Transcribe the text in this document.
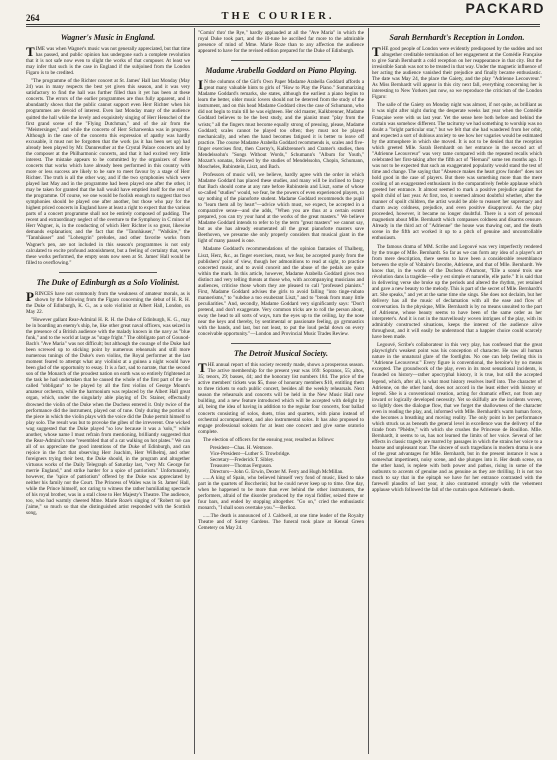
PACKARD
264	THE COURIER.
Wagner's Music in England.

TIME was when Wagner's music was not generally appreciated, but that time has passed, and public opinion has undergone such a complete revolution that it is not safe now even to slight the works of that composer. At least we may infer that such is the case in England if the subjoined from the London Figaro is to be credited.

"The programme of the Richter concert at St. James' Hall last Monday (May 24) was in many respects the best yet given this season, and it was very satisfactory to find the hall was further filled than it yet has been at these concerts. The errors of the earlier programmes are thus fully apparent, and it abundantly shows that the public cannot support even Herr Richter when his programmes are devoid of interest. Even last Monday many of the audience quitted the hall while the lovely and exquisitely singing of Herr Henschel of the first grand scene of the "Flying Dutchman," and of the air from the "Meistersinger," and while the concerto of Herr Scharwenka was in progress. Although in the case of the concerto this expression of apathy was hardly excusable, it must not be forgotten that the work (as it has been set up) had already been played by Mr. Dannreuther at the Crystal Palace concerts and by the composer at the Philharmonic concerts, and that it had excited very little interest. The mistake appears to be committed by the organizers of these concerts that works which have already been performed in this country with more or less success are likely to be sure to meet favour by a stage of Herr Richter. The truth is all the other way, and if the two symphonies which were played last May and in the programme had been played one after the other, it may be taken for granted that the hall would have emptied itself for the rest of the programme. Of course, we one would be foolish enough to suggest that two symphonies should be played one after another, but those who pay for the highest priced concerts in England have at least a right to expect that the various parts of a concert programme shall not be entirely composed of padding. The recent and extraordinary neglect of the overture to the Symphony in C minor of Herr Wagner, is, in the conducting of which Herr Richter is so great, likewise demands explanation; and the fact that the "Tannhäuser," "Walküre," the "Tannhäuser" and "Lohengrin" preludes, and other favorite works from Wagner's pen, are not included in this season's programmes is not only calculated to excite profound astonishment, but a feeling of certainty that, were these works performed, the empty seats now seen at St. James' Hall would be filled to overflowing."

The Duke of Edinburgh as a Solo Violinist.

PRINCES have not commonly from the weakness of amateur morals, as is shown by the following from the Figaro concerning the debut of H. R. H. the Duke of Edinburgh, K. G., as a solo violinist at Albert Hall, London, on May 22.

"However gallant Rear-Admiral H. R. H. the Duke of Edinburgh, K. G., may be in boarding an enemy's ship, he, like other great naval officers, was seized in the presence of a British audience with the malady known in the navy as "blue funk," and to the world at large as "stage fright." The obbligato part of Gounod-Bach's "Ave Maria" was not difficult; but although the courage of the Duke had been screwed up to sticking point by numerous rehearsals and still more numerous tunings of the Duke's own violins, the Royal performer at the last moment feared to attempt what any violinist at a guinea a night would have been glad of the opportunity to essay. It is a fact, sad to narrate, that the second son of the Monarch of the proudest nation on earth was so entirely frightened at the task he had undertaken that he caused the whole of the first part of the so-called "obbligato" to be played by all the first violins of George Mount's amateur orchestra, while the harmonium was replaced by the Albert Hall great organ, which, under the singularly able playing of Dr. Stainer, effectually drowned the violin of the Duke when the Duchess entered it. Only twice of the performance did the instrument, played out of tune. Only during the portion of the piece in which the violin plays with the voice did the Duke permit himself to play solo. The result was but to provoke the gibes of the irreverent. One wicked wag suggested that the Duke played "so low because it was a 'solo,'" while another, whose name I must refrain from mentioning, brilliantly suggested that the Rear-Admiral's tone "resembled that of a cat walking on hot plates." We can all of us appreciate the good intentions of the Duke of Edinburgh, and can rejoice in the fact that observing Herr Joachim, Herr Wilhelmj, and other foreigners trying their best, the Duke should, in the program and altogether virtuous works of the Daily Telegraph of Saturday last, "very Mr. George for merrie England," and strike harder for a spice of patriotism." Unfortunately, however, the "spice of patriotism" offered by the Duke was appreciated by neither his family nor the Court. The Princess of Wales was in St. James' Hall, while the Prince himself, not caring to witness the rather humiliating spectacle of his royal brother, was in a stall close to Her Majesty's Theatre. The audience, too, who had warmly cheered Mme. Marie Roze's singing of "Robert toi que j'aime," so much so that she distinguished artist responded with the Scottish song,

"Comin' thro' the Rye," hardly applauded at all the "Ave Maria" in which the royal Duke took part, and the ill-tune he ascribed far more to the admirable presence of mind of Mme. Marie Roze than to any affection the audience appeared to have for the revised edition prepared for the Duke of Edinburgh.

Madame Arabella Goddard on Piano Playing.

I N the columns of the Girl's Own Paper Madame Arabella Goddard affords a great many valuable hints to girls of "How to Play the Piano." Summarizing Madame Goddard's remarks, she states, although the earliest a piano begins to learn the better, older music lovers should not be deterred from the study of the instrument, and on this head Madame Goddard cites the case of Schumann, who did not begin to train till he was eighteen. Her old master, Kalkbrenner, Madame Goddard believes to be the best study, and the pianist must "play from the wrists;" all the fingers must become equally strong of pressing, please, Madame Goddard; scales cannot be played too often; they must not be played mechanically, and when the hand becomes fatigued it is better to leave off practice. The course Madame Arabella Goddard recommends is, scales and five-finger exercises first, then Czerny's, Kalkbrenner's and Cramer's studies, then Mendelssohn's "Songs Without Words," Schumann's "Album for Youth," Mozart's sonatas, followed by the studies of Mendelssohn, Chopin, Schumann, Moscheles, Rubinstein, Liszt, and Bach.

Professors of music will, we believe, hardly agree with the order in which Madame Goddard has placed these studies, and many will be inclined to fancy that Bach should come at any rate before Rubinstein and Liszt, some of whose so-called "studies" would, we fear, be the powers of even experienced players, to say nothing of the pianoforte student. Madame Goddard recommends the pupil to "learn them all by heart"—advice which must, we expect, be accepted in a comparative sense—and she adds, "When you are thus at a certain extent prepared, you can try your hand at the works of the great masters." We believe Madame Goddard intends to refer to by the term "great masters" we cannot say, but as she has already enumerated all the great pianoforte masters save Beethoven, we presume she only properly considers that musical giant in the light of many passed is one.

Madame Goddard's recommendations of the opinion fantasies of Thalberg, Liszt, Herz, &c., as finger exercises, must, we fear, be accepted purely from the publishers' point of view, though her admonitions to read at sight, to practice concerted music, and to avoid conceit and the abuse of the pedals are quite within the mark. In this article, however, Madame Arabella Goddard gives two distinct and very telling threats at those who, with accompanying musicians and audiences, criticise those whom they are pleased to call "professed pianists." First, Madame Goddard advises the girls to avoid falling "into tinge-rubato mannerisms," to "subdue a too exuberant Liszt," and to "break from many little peculiarities." And, secondly, Madame Goddard very significantly says: "Don't pretend, and don't exaggerate. Very common tricks are to roll the person about, sway the head to all sorts of ways, turn the eyes up to the ceiling, lay the nose near the keys and thereby, by sentimental or passionate feeling, go gymnastics with the hands, and last, but not least, to put the loud pedal down on every conceivable opportunity."—London and Provincial Music Trades Review.

The Detroit Musical Society.

THE annual report of this society recently made, shows a prosperous season. The active membership for the present year was 169: Sopranos, 55; altos, 35; tenors, 29; basses, 44; and the honorary list numbers 184. The price of the active members' tickets was $5, those of honorary members $10, entitling them to three tickets to each public concert, besides all the weekly rehearsals. Next season the rehearsals and concerts will be held in the New Music Hall now building, and a new feature introduced which will be accepted with delight by all, being the idea of having in addition to the regular four concerts, four ballad concerts consisting of solos, duets, trios and quartets, with piano instead of orchestral accompaniment, and also instrumental solos. It has also proposed to engage professional soloists for at least one concert and give some oratorio complete.

The election of officers for the ensuing year, resulted as follows:

President—Chas. H. Wetmore.
Vice-President—Luther S. Trowbridge.
Secretary—Frederick T. Sibley.
Treasurer—Thomas Ferguson.
Directors—John G. Erwin, Dexter M. Ferry and Hugh McMillan.

......A king of Spain, who believed himself very fond of music, liked to take part in the quartets of Boccherini; but he could never keep up to time. One day, when he happened to be more than ever behind the other instruments, the performers, afraid of the disorder produced by the royal fiddler, seized three or four bars, and ended by stopping altogether. "Go on," cried the enthusiastic monarch, "I shall soon overtake you."—Berlioz.

......The death is announced of J. Caldwell, at one time leader of the Royalty Theatre and of Surrey Gardens. The funeral took place at Kensal Green Cemetery on May 24.

Sarah Bernhardt's Reception in London.

THE good people of London were evidently predisposed by the sudden and not altogether creditable termination of her engagement at the Comédie Française to give Sarah Bernhardt a cold reception on her reappearance in that city. But the irresistible Sarah was not to be treated in that way. Under the magnetic influence of her acting the audience vanished their prejudice and finally became enthusiastic. The date was May 24, the place the Gaiety, and the play "Adrienne Lecouvreur." As Miss Bernhardt will appear in this city next fall, everything concerning her is interesting to New Yorkers just now, so we reproduce the criticism of the London Figaro:

The salle of the Gaiety on Monday night was almost, if not quite, as brilliant as it was night after night during the desperate weeks last year when the Comédie Française were with us last year. Yet the sense here both before and behind the curtain was somehow different. The taciturny we had something to worship was no doubt a "bright particular star," but we felt that she had wandered from her orbit, and expected a sort of dubious anxiety to see how her vagaries would be estimated by the atmosphere in which she moved. It is not to be denied that the reception which greeted Mlle. Sarah Bernhardt on her entrance in the second act of "Adrienne Lecouvreur" was very tame compared with the repeated recalls which celebrated her first-taking after the fifth act of "Hernani" some ten months ago. It was not to be expected that such an exaggerated popularity would stand the test of time and change. The saying that "Absence makes the heart grow fonder" does not hold good in the case of players. But there was something more than the mere cooling of an exaggerated enthusiasm in the comparatively feeble applause which greeted her entrance. It almost seemed to mark a positive prejudice against the spoilt child of last year. At first, too, it seemed almost doubtful whether, after the manner of spoilt children, the artist would be able to reassert her supremacy and charm away coldness, prejudice, and even positive disapproval. As the play proceeded, however, it became no longer doubtful. There is a sort of personal magnetism about Mlle. Bernhardt which compasses coldness and disarms censure. Already in the third act of "Adrienne" the house was thawing out, and the death scene in the fifth act worked it up to a pitch of genuine and uncontrollable enthusiasm.

The famous drama of MM. Scribe and Legouvé was very imperfectly rendered by the troupe of Mlle. Bernhardt. So far as we can form any idea of a player's art from mere description, there seems to have been a considerable resemblance between the style of Voltaire's favorite, Adrienne, and that of Mlle. Bernhardt. We know that, in the words of the Duchess d'Aumont, "Elle a sonné trois une révolution dans la tragédie—elle y est simple et naturelle, elle parle." It is said that in delivering verse she broke up the periods and altered the rhythm, yet retained and gave a new beauty to the melody. This is part of the secret of Mlle. Bernhardt's art. She speaks," and yet at the same time she sings. She does not declaim, but her delivery has all the music of declamation with all the ease and flow of conversation. In the physique, Mlle. Bernhardt is by no means unsuited to the part of Adrienne, whose beauty seems to have been of the same order as her interpreter's. And it is not in the marvellously woven intrigues of the play, with its admirably constructed situations, keeps the interest of the audience alive throughout, and it will easily be understood that a happier choice could scarcely have been made.

Legouvé, Scribe's collaborateur in this very play, has confessed that the great playwright's weakest point was his conception of character. He saw all human nature in the unnatural glare of the footlights. No one can help feeling this in "Adrienne Lecouvreur." Every figure is conventional, the heroine's by no means excepted. The groundwork of the play, even in its most sensational incidents, is founded on history—rather apocryphal history, it is true, but still the accepted legend, which, after all, is what most history resolves itself into. The character of Adrienne, on the other hand, does not accord in the least either with history or legend. She is a conventional creation, acting for dramatic effect, not from any inward or logically developed necessity. Yet so skilfully are the incidents woven, so lightly does the dialogue flow, that we forget the shallowness of the character even in reading the play, and, informed with Mlle. Bernhardt's warm human force, she becomes a breathing and moving reality. The only point in her performance which struck us as beneath the general level in excellence was the delivery of the tirade from "Phèdre," with which she crushes the Princesse de Bouillon. Mlle. Bernhardt, it seems to us, has not learned the limits of her voice. Several of her effects in classic tragedy are marred by passages in which the strains her voice to a hoarse and unpleasant roar. The sincere of such tragedians in modern drama is one of the great advantages for Mlle. Bernhardt, but in the present instance it was a somewhat impertinent, noisy scene, and she plunges into it. Her death scene, on the other hand, is replete with both power and pathos, rising in some of the outbursts to accents of genuine and as genuine as they are thrilling. It is not too much to say that in the epitaph we have for her entrance contrasted with the farewell plaudits of last year, it also contrasted strongly with the vehement applause which followed the fall of the curtain upon Adrienne's death.
